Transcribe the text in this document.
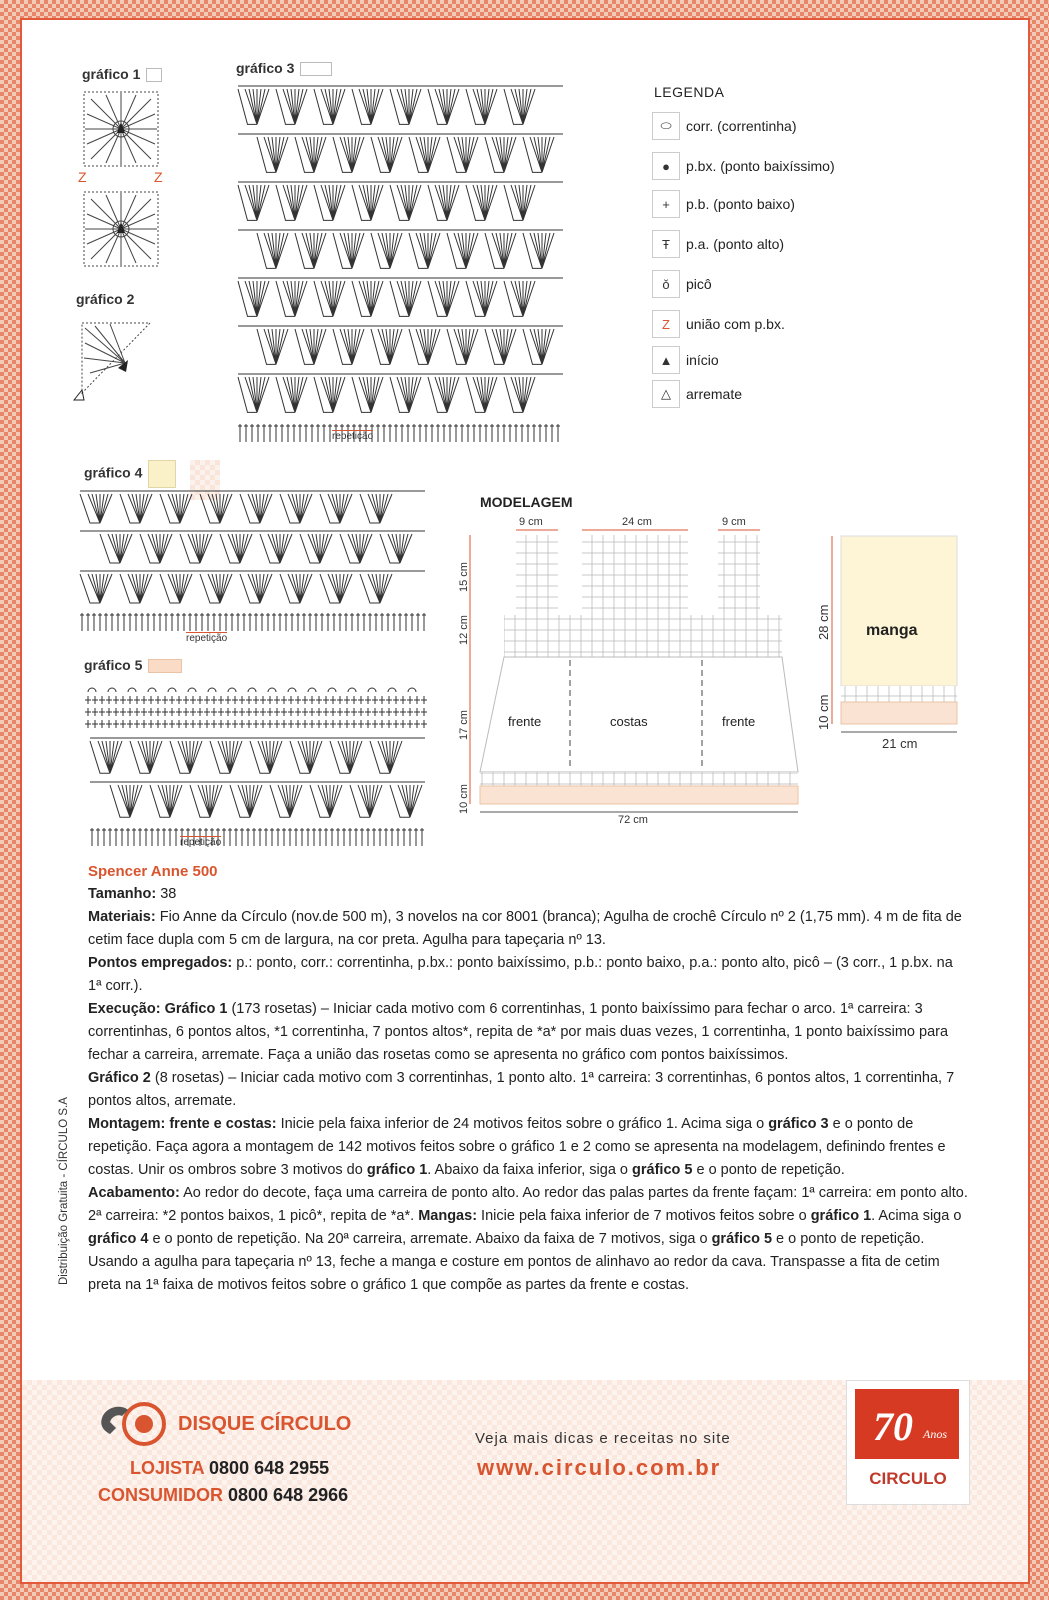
gráfico 1	gráfico 3
gráfico 2
gráfico 4
gráfico 5
Z	Z
repetição
repetição
repetição
LEGENDA
⬭	corr. (correntinha)
●	p.bx. (ponto baixíssimo)
+	p.b. (ponto baixo)
Ŧ	p.a. (ponto alto)
ǒ	picô
Z	união com p.bx.
▲ início
△	arremate
MODELAGEM
9 cm	24 cm	9 cm
15 cm
12 cm
17 cm
10 cm
frente	costas	frente
72 cm
manga
28 cm
10 cm
21 cm

Spencer Anne 500

Tamanho: 38

Materiais: Fio Anne da Círculo (nov.de 500 m), 3 novelos na cor 8001 (branca); Agulha de crochê Círculo nº 2 (1,75 mm). 4 m de fita de cetim face dupla com 5 cm de largura, na cor preta. Agulha para tapeçaria nº 13.

Pontos empregados: p.: ponto, corr.: correntinha, p.bx.: ponto baixíssimo, p.b.: ponto baixo, p.a.: ponto alto, picô – (3 corr., 1 p.bx. na 1ª corr.).

Execução: Gráfico 1 (173 rosetas) – Iniciar cada motivo com 6 correntinhas, 1 ponto baixíssimo para fechar o arco. 1ª carreira: 3 correntinhas, 6 pontos altos, *1 correntinha, 7 pontos altos*, repita de *a* por mais duas vezes, 1 correntinha, 1 ponto baixíssimo para fechar a carreira, arremate. Faça a união das rosetas como se apresenta no gráfico com pontos baixíssimos.

Gráfico 2 (8 rosetas) – Iniciar cada motivo com 3 correntinhas, 1 ponto alto. 1ª carreira: 3 correntinhas, 6 pontos altos, 1 correntinha, 7 pontos altos, arremate.

Montagem: frente e costas: Inicie pela faixa inferior de 24 motivos feitos sobre o gráfico 1. Acima siga o gráfico 3 e o ponto de repetição. Faça agora a montagem de 142 motivos feitos sobre o gráfico 1 e 2 como se apresenta na modelagem, definindo frentes e costas. Unir os ombros sobre 3 motivos do gráfico 1. Abaixo da faixa inferior, siga o gráfico 5 e o ponto de repetição.

Acabamento: Ao redor do decote, faça uma carreira de ponto alto. Ao redor das palas partes da frente façam: 1ª carreira: em ponto alto. 2ª carreira: *2 pontos baixos, 1 picô*, repita de *a*. Mangas: Inicie pela faixa inferior de 7 motivos feitos sobre o gráfico 1. Acima siga o gráfico 4 e o ponto de repetição. Na 20ª carreira, arremate. Abaixo da faixa de 7 motivos, siga o gráfico 5 e o ponto de repetição. Usando a agulha para tapeçaria nº 13, feche a manga e costure em pontos de alinhavo ao redor da cava. Transpasse a fita de cetim preta na 1ª faixa de motivos feitos sobre o gráfico 1 que compõe as partes da frente e costas.

Distribuição Gratuita - CÍRCULO S.A
DISQUE CÍRCULO
LOJISTA 0800 648 2955
CONSUMIDOR 0800 648 2966
Veja mais dicas e receitas no site
www.circulo.com.br
70 Anos
CIRCULO
